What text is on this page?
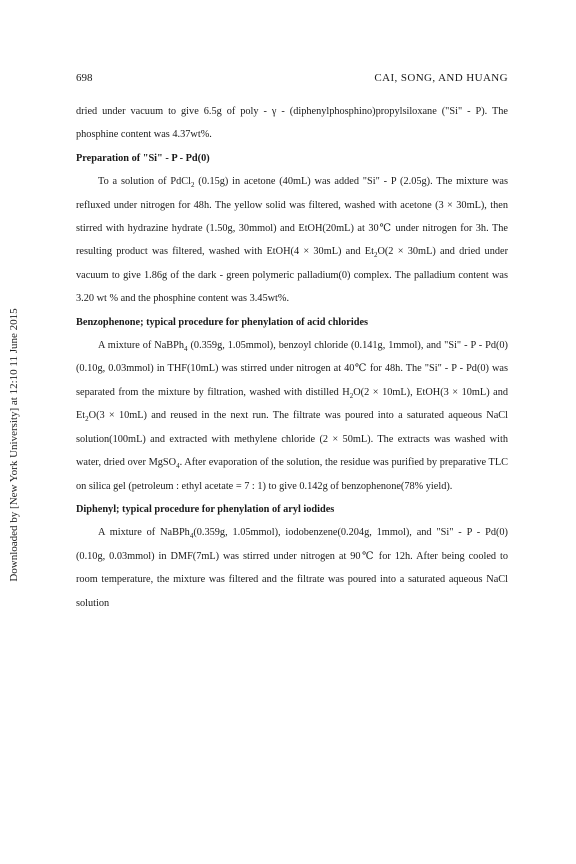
698	CAI, SONG, AND HUANG
Downloaded by [New York University] at 12:10 11 June 2015

dried under vacuum to give 6.5g of poly - γ - (diphenylphosphino)propylsiloxane ("Si" - P). The phosphine content was 4.37wt%.

Preparation of "Si" - P - Pd(0)

To a solution of PdCl$_2$ (0.15g) in acetone (40mL) was added "Si" - P (2.05g). The mixture was refluxed under nitrogen for 48h. The yellow solid was filtered, washed with acetone (3 × 30mL), then stirred with hydrazine hydrate (1.50g, 30mmol) and EtOH(20mL) at 30℃ under nitrogen for 3h. The resulting product was filtered, washed with EtOH(4 × 30mL) and $Et_2O(2 \times 30mL)$ and dried under vacuum to give 1.86g of the dark - green polymeric palladium(0) complex. The palladium content was 3.20 wt % and the phosphine content was 3.45wt%.

Benzophenone; typical procedure for phenylation of acid chlorides

A mixture of NaBPh$_4$ (0.359g, 1.05mmol), benzoyl chloride (0.141g, 1mmol), and "Si" - P - Pd(0)(0.10g, 0.03mmol) in THF(10mL) was stirred under nitrogen at 40℃ for 48h. The "Si" - P - Pd(0) was separated from the mixture by filtration, washed with distilled $H_2O(2 \times 10mL)$, EtOH(3 × 10mL) and $Et_2O(3 \times 10mL)$ and reused in the next run. The filtrate was poured into a saturated aqueous NaCl solution(100mL) and extracted with methylene chloride (2 × 50mL). The extracts was washed with water, dried over MgSO$_4$. After evaporation of the solution, the residue was purified by preparative TLC on silica gel (petroleum : ethyl acetate = 7 : 1) to give 0.142g of benzophenone(78% yield).

Diphenyl; typical procedure for phenylation of aryl iodides

A mixture of NaBPh$_4$(0.359g, 1.05mmol), iodobenzene(0.204g, 1mmol), and "Si" - P - Pd(0)(0.10g, 0.03mmol) in DMF(7mL) was stirred under nitrogen at 90℃ for 12h. After being cooled to room temperature, the mixture was filtered and the filtrate was poured into a saturated aqueous NaCl solution
